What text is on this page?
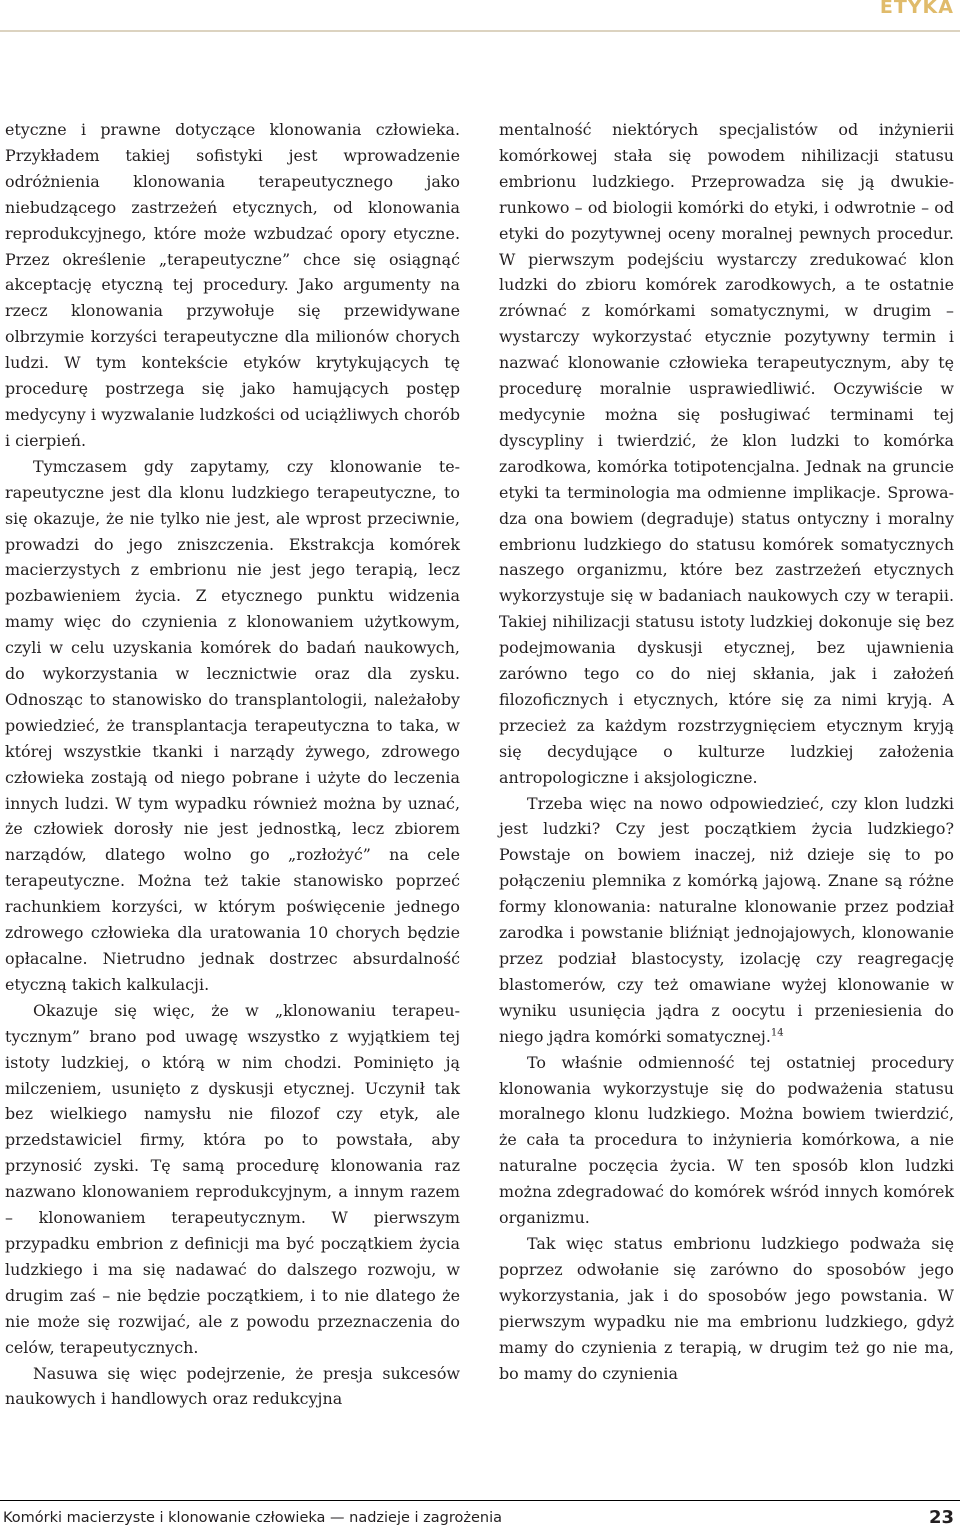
ETYKA

etyczne i prawne dotyczące klonowania człowieka. Przykładem takiej sofistyki jest wprowadzenie odróżnienia klonowania terapeutycznego jako niebudzącego zastrzeżeń etycznych, od klonowania reprodukcyjnego, które może wzbudzać opory etyczne. Przez określenie „terapeutyczne” chce się osiągnąć akceptację etyczną tej procedury. Jako argumenty na rzecz klonowania przywołuje się przewidywane olbrzymie korzyści terapeutyczne dla milionów chorych ludzi. W tym kontekście etyków krytykujących tę procedurę postrzega się jako hamujących postęp medycyny i wyzwalanie ludzkości od uciążliwych chorób i cierpień.

Tymczasem gdy zapytamy, czy klonowanie terapeutyczne jest dla klonu ludzkiego terapeutyczne, to się okazuje, że nie tylko nie jest, ale wprost przeciwnie, prowadzi do jego zniszczenia. Ekstrakcja komórek macierzystych z embrionu nie jest jego terapią, lecz pozbawieniem życia. Z etycznego punktu widzenia mamy więc do czynienia z klonowaniem użytkowym, czyli w celu uzyskania komórek do badań naukowych, do wykorzystania w lecznictwie oraz dla zysku. Odnosząc to stanowisko do transplantologii, należałoby powiedzieć, że transplantacja terapeutyczna to taka, w której wszystkie tkanki i narządy żywego, zdrowego człowieka zostają od niego pobrane i użyte do leczenia innych ludzi. W tym wypadku również można by uznać, że człowiek dorosły nie jest jednostką, lecz zbiorem narządów, dlatego wolno go „rozłożyć” na cele terapeutyczne. Można też takie stanowisko poprzeć rachunkiem korzyści, w którym poświęcenie jednego zdrowego człowieka dla uratowania 10 chorych będzie opłacalne. Nietrudno jednak dostrzec absurdalność etyczną takich kalkulacji.

Okazuje się więc, że w „klonowaniu terapeutycznym” brano pod uwagę wszystko z wyjątkiem tej istoty ludzkiej, o którą w nim chodzi. Pominięto ją milczeniem, usunięto z dyskusji etycznej. Uczynił tak bez wielkiego namysłu nie filozof czy etyk, ale przedstawiciel firmy, która po to powstała, aby przynosić zyski. Tę samą procedurę klonowania raz nazwano klonowaniem reprodukcyjnym, a innym razem – klonowaniem terapeutycznym. W pierwszym przypadku embrion z definicji ma być początkiem życia ludzkiego i ma się nadawać do dalszego rozwoju, w drugim zaś – nie będzie początkiem, i to nie dlatego że nie może się rozwijać, ale z powodu przeznaczenia do celów, terapeutycznych.

Nasuwa się więc podejrzenie, że presja sukcesów naukowych i handlowych oraz redukcyjna

mentalność niektórych specjalistów od inżynierii komórkowej stała się powodem nihilizacji statusu embrionu ludzkiego. Przeprowadza się ją dwukierunkowo – od biologii komórki do etyki, i odwrotnie – od etyki do pozytywnej oceny moralnej pewnych procedur. W pierwszym podejściu wystarczy zredukować klon ludzki do zbioru komórek zarodkowych, a te ostatnie zrównać z komórkami somatycznymi, w drugim – wystarczy wykorzystać etycznie pozytywny termin i nazwać klonowanie człowieka terapeutycznym, aby tę procedurę moralnie usprawiedliwić. Oczywiście w medycynie można się posługiwać terminami tej dyscypliny i twierdzić, że klon ludzki to komórka zarodkowa, komórka totipotencjalna. Jednak na gruncie etyki ta terminologia ma odmienne implikacje. Sprowadza ona bowiem (degraduje) status ontyczny i moralny embrionu ludzkiego do statusu komórek somatycznych naszego organizmu, które bez zastrzeżeń etycznych wykorzystuje się w badaniach naukowych czy w terapii. Takiej nihilizacji statusu istoty ludzkiej dokonuje się bez podejmowania dyskusji etycznej, bez ujawnienia zarówno tego co do niej skłania, jak i założeń filozoficznych i etycznych, które się za nimi kryją. A przecież za każdym rozstrzygnięciem etycznym kryją się decydujące o kulturze ludzkiej założenia antropologiczne i aksjologiczne.

Trzeba więc na nowo odpowiedzieć, czy klon ludzki jest ludzki? Czy jest początkiem życia ludzkiego? Powstaje on bowiem inaczej, niż dzieje się to po połączeniu plemnika z komórką jajową. Znane są różne formy klonowania: naturalne klonowanie przez podział zarodka i powstanie bliźniąt jednojajowych, klonowanie przez podział blastocysty, izolację czy reagregację blastomerów, czy też omawiane wyżej klonowanie w wyniku usunięcia jądra z oocytu i przeniesienia do niego jądra komórki somatycznej.$^{14}$

To właśnie odmienność tej ostatniej procedury klonowania wykorzystuje się do podważenia statusu moralnego klonu ludzkiego. Można bowiem twierdzić, że cała ta procedura to inżynieria komórkowa, a nie naturalne poczęcia życia. W ten sposób klon ludzki można zdegradować do komórek wśród innych komórek organizmu.

Tak więc status embrionu ludzkiego podważa się poprzez odwołanie się zarówno do sposobów jego wykorzystania, jak i do sposobów jego powstania. W pierwszym wypadku nie ma embrionu ludzkiego, gdyż mamy do czynienia z terapią, w drugim też go nie ma, bo mamy do czynienia

Komórki macierzyste i klonowanie człowieka — nadzieje i zagrożenia	23
